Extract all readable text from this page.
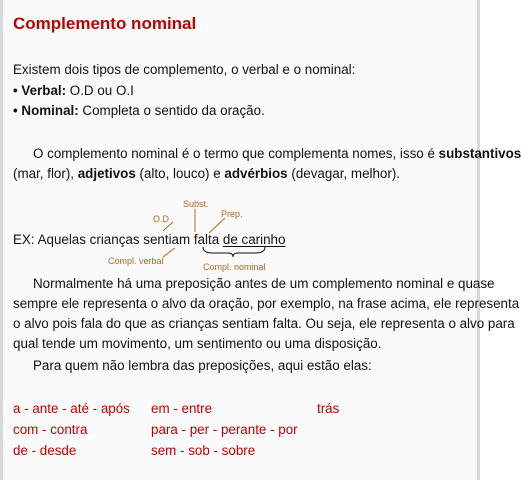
Complemento nominal
Existem dois tipos de complemento, o verbal e o nominal:
• Verbal: O.D ou O.I
• Nominal: Completa o sentido da oração.
O complemento nominal é o termo que complementa nomes, isso é substantivos
(mar, flor), adjetivos (alto, louco) e advérbios (devagar, melhor).
Subst.
Prep.
O.D
EX: Aquelas crianças sentiam falta de carinho
Compl. verbal
Compl. nominal
Normalmente há uma preposição antes de um complemento nominal e quase
sempre ele representa o alvo da oração, por exemplo, na frase acima, ele representa
o alvo pois fala do que as crianças sentiam falta. Ou seja, ele representa o alvo para
qual tende um movimento, um sentimento ou uma disposição.
Para quem não lembra das preposições, aqui estão elas:
a - ante - até - após
com - contra
de - desde
em - entre
para - per - perante - por
sem - sob - sobre
trás
